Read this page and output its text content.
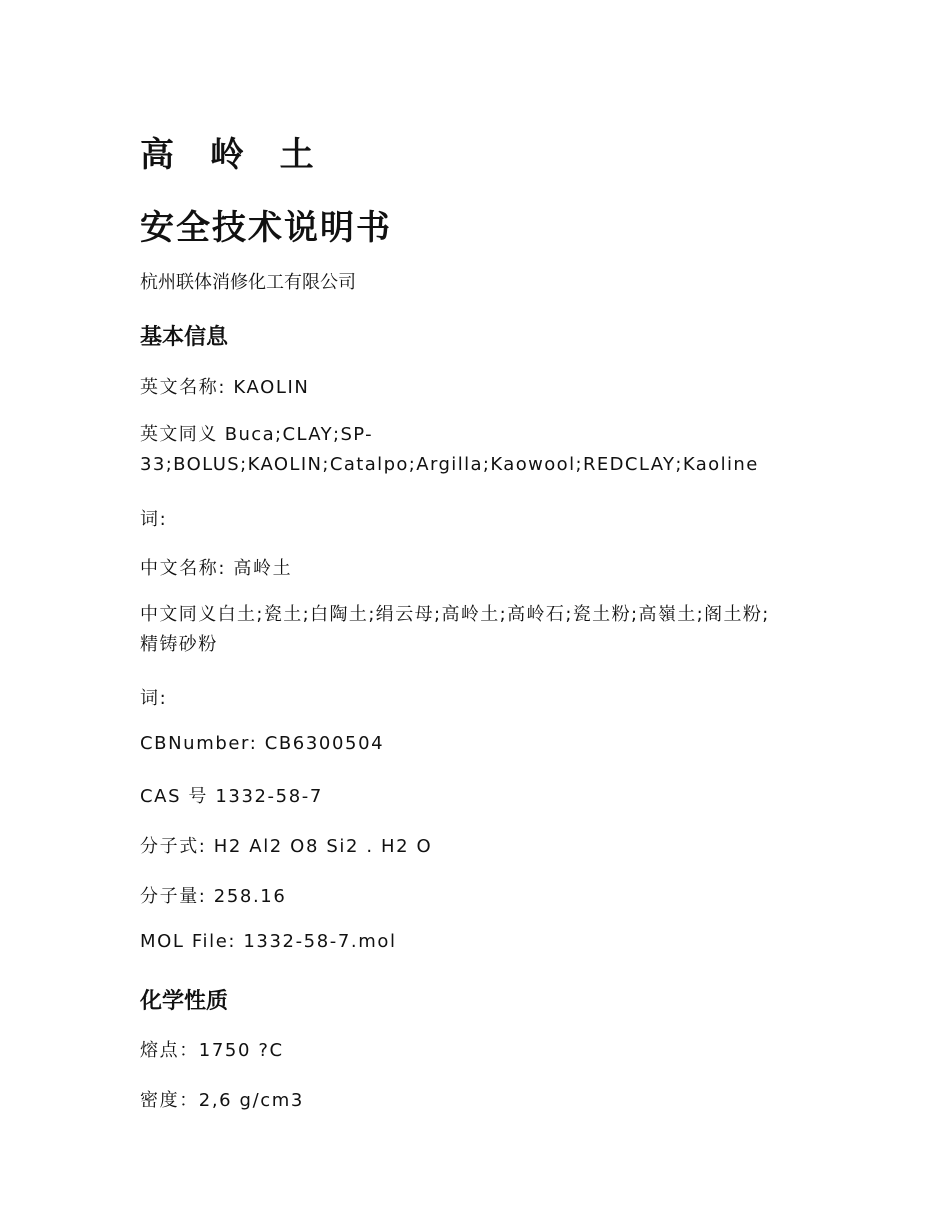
高 岭 土
安全技术说明书

杭州联体消修化工有限公司

基本信息

英文名称: KAOLIN

英文同义 Buca;CLAY;SP-
33;BOLUS;KAOLIN;Catalpo;Argilla;Kaowool;REDCLAY;Kaoline

词:

中文名称: 高岭土

中文同义白土;瓷土;白陶土;绢云母;高岭土;高岭石;瓷土粉;高嶺土;阁土粉;
精铸砂粉

词:

CBNumber: CB6300504

CAS 号 1332-58-7

分子式: H2 Al2 O8 Si2 . H2 O

分子量: 258.16

MOL File: 1332-58-7.mol

化学性质

熔点：1750 ?C

密度：2,6 g/cm3
